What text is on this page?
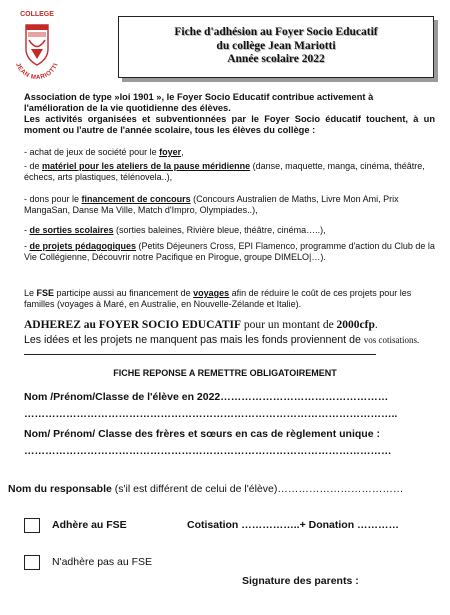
COLLEGE
JEAN MARIOTTI
Fiche d'adhésion au Foyer Socio Educatif
du collège Jean Mariotti
Année scolaire 2022
Association de type »loi 1901 », le Foyer Socio Educatif contribue activement à l'amélioration de la vie quotidienne des élèves.
Les activités organisées et subventionnées par le Foyer Socio éducatif touchent, à un moment ou l'autre de l'année scolaire, tous les élèves du collège :
- achat de jeux de société pour le foyer,
- de matériel pour les ateliers de la pause méridienne (danse, maquette, manga, cinéma, théâtre, échecs, arts plastiques, télénovela..),
- dons pour le financement de concours (Concours Australien de Maths, Livre Mon Ami, Prix MangaSan, Danse Ma Ville, Match d'Impro, Olympiades..),
- de sorties scolaires (sorties baleines, Rivière bleue, théâtre, cinéma…..),
- de projets pédagogiques (Petits Déjeuners Cross, EPI Flamenco, programme d'action du Club de la Vie Collégienne, Découvrir notre Pacifique en Pirogue, groupe DIMELO|…).
Le FSE participe aussi au financement de voyages afin de réduire le coût de ces projets pour les familles (voyages à Maré, en Australie, en Nouvelle-Zélande et Italie).
ADHEREZ au FOYER SOCIO EDUCATIF pour un montant de 2000cfp.
Les idées et les projets ne manquent pas mais les fonds proviennent de vos cotisations.
FICHE REPONSE A REMETTRE OBLIGATOIREMENT
Nom /Prénom/Classe de l'élève en 2022…………………………………………
……………………………………………………………………………………………..
Nom/ Prénom/ Classe des frères et sœurs en cas de règlement unique :
……………………………………………………………………………………………
Nom du responsable (s'il est différent de celui de l'élève)………………………………
Adhère au FSE	Cotisation ……………..+ Donation …………
N'adhère pas au FSE
Signature des parents :
